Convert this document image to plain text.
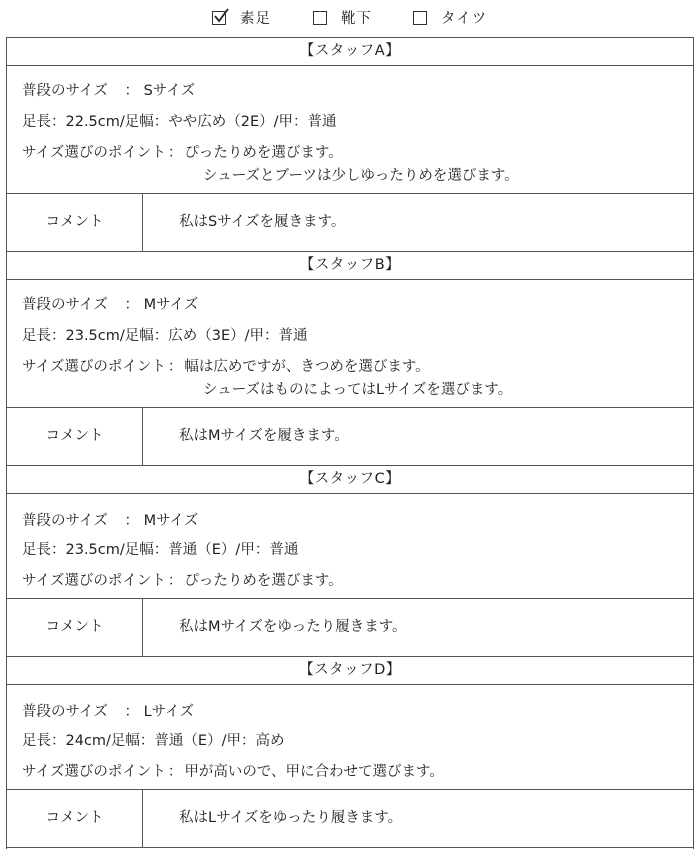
素足	靴下	タイツ
【スタッフA】
普段のサイズ ： Sサイズ
足長：22.5cm/足幅：やや広め（2E）/甲：普通
サイズ選びのポイント ： ぴったりめを選びます。
シューズとブーツは少しゆったりめを選びます。
コメント	私はSサイズを履きます。
【スタッフB】
普段のサイズ ： Mサイズ
足長：23.5cm/足幅：広め（3E）/甲：普通
サイズ選びのポイント ： 幅は広めですが、きつめを選びます。
シューズはものによってはLサイズを選びます。
コメント	私はMサイズを履きます。
【スタッフC】
普段のサイズ ： Mサイズ
足長：23.5cm/足幅：普通（E）/甲：普通
サイズ選びのポイント ： ぴったりめを選びます。
コメント	私はMサイズをゆったり履きます。
【スタッフD】
普段のサイズ ： Lサイズ
足長：24cm/足幅：普通（E）/甲：高め
サイズ選びのポイント ： 甲が高いので、甲に合わせて選びます。
コメント	私はLサイズをゆったり履きます。
